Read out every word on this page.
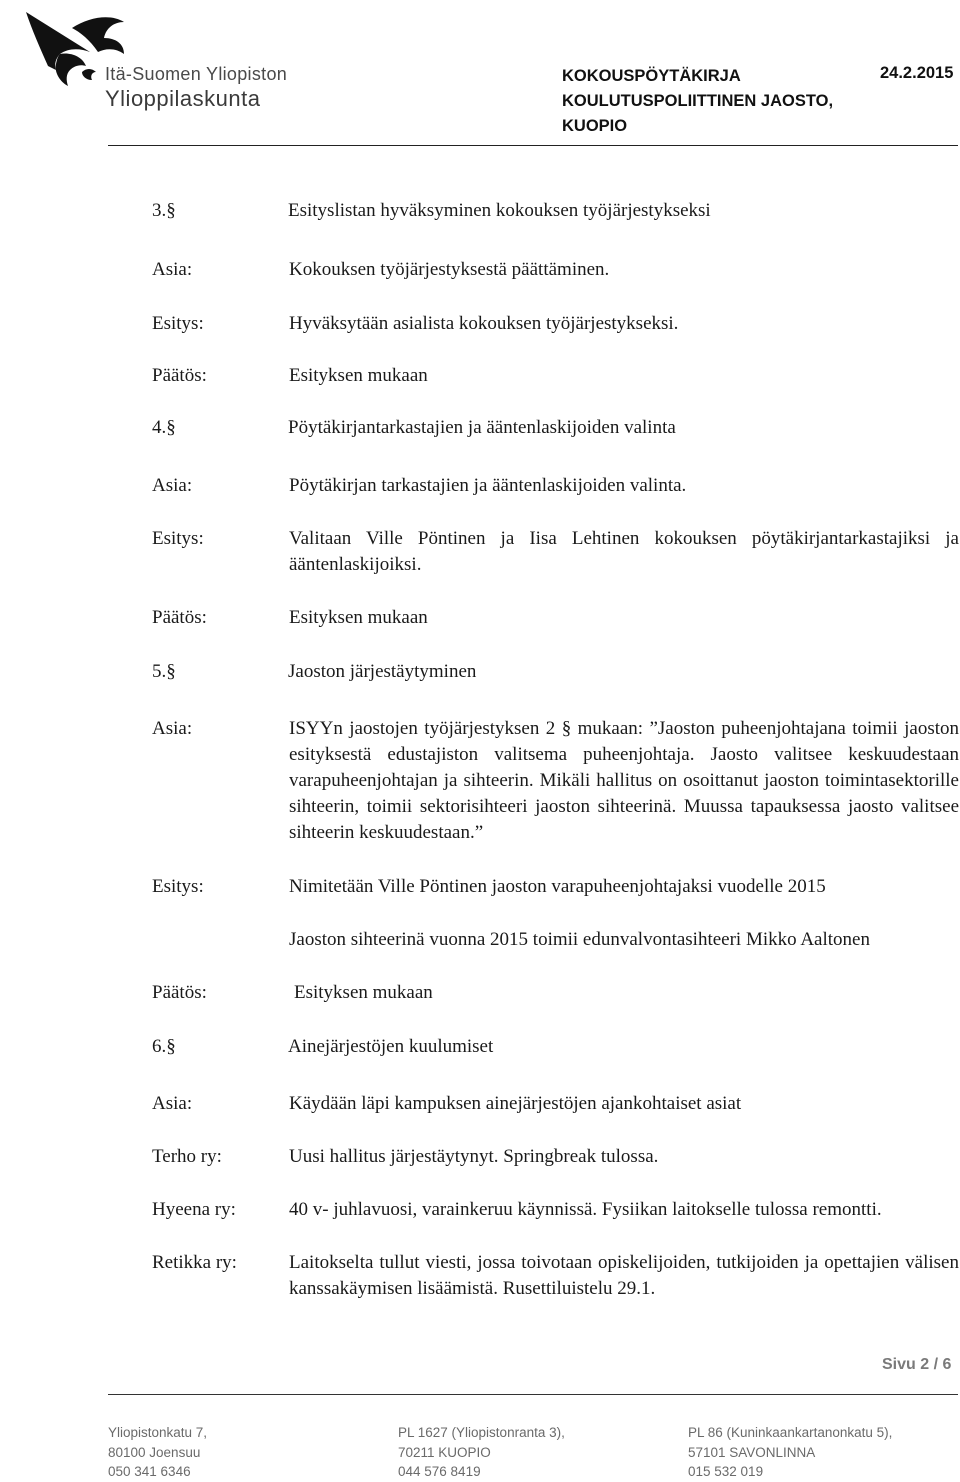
Itä-Suomen Yliopiston
Ylioppilaskunta
KOKOUSPÖYTÄKIRJA
KOULUTUSPOLIITTINEN JAOSTO,
KUOPIO
24.2.2015
3.§	Esityslistan hyväksyminen kokouksen työjärjestykseksi
Asia:	Kokouksen työjärjestyksestä päättäminen.
Esitys:	Hyväksytään asialista kokouksen työjärjestykseksi.
Päätös:	Esityksen mukaan
4.§	Pöytäkirjantarkastajien ja ääntenlaskijoiden valinta
Asia:	Pöytäkirjan tarkastajien ja ääntenlaskijoiden valinta.
Esitys:	Valitaan Ville Pöntinen ja Iisa Lehtinen kokouksen pöytäkirjantarkastajiksi ja ääntenlaskijoiksi.
Päätös:	Esityksen mukaan
5.§	Jaoston järjestäytyminen
Asia:	ISYYn jaostojen työjärjestyksen 2 § mukaan: ”Jaoston puheenjohtajana toimii jaoston esityksestä edustajiston valitsema puheenjohtaja. Jaosto valitsee keskuudestaan varapuheenjohtajan ja sihteerin. Mikäli hallitus on osoittanut jaoston toimintasektorille sihteerin, toimii sektorisihteeri jaoston sihteerinä. Muussa tapauksessa jaosto valitsee sihteerin keskuudestaan.”
Esitys:	Nimitetään Ville Pöntinen jaoston varapuheenjohtajaksi vuodelle 2015
Jaoston sihteerinä vuonna 2015 toimii edunvalvontasihteeri Mikko Aaltonen
Päätös:	Esityksen mukaan
6.§	Ainejärjestöjen kuulumiset
Asia:	Käydään läpi kampuksen ainejärjestöjen ajankohtaiset asiat
Terho ry:	Uusi hallitus järjestäytynyt. Springbreak tulossa.
Hyeena ry:	40 v- juhlavuosi, varainkeruu käynnissä. Fysiikan laitokselle tulossa remontti.
Retikka ry:	Laitokselta tullut viesti, jossa toivotaan opiskelijoiden, tutkijoiden ja opettajien välisen kanssakäymisen lisäämistä. Rusettiluistelu 29.1.
Sivu 2 / 6
Yliopistonkatu 7,
80100 Joensuu
050 341 6346
PL 1627 (Yliopistonranta 3),
70211 KUOPIO
044 576 8419
PL 86 (Kuninkaankartanonkatu 5),
57101 SAVONLINNA
015 532 019
